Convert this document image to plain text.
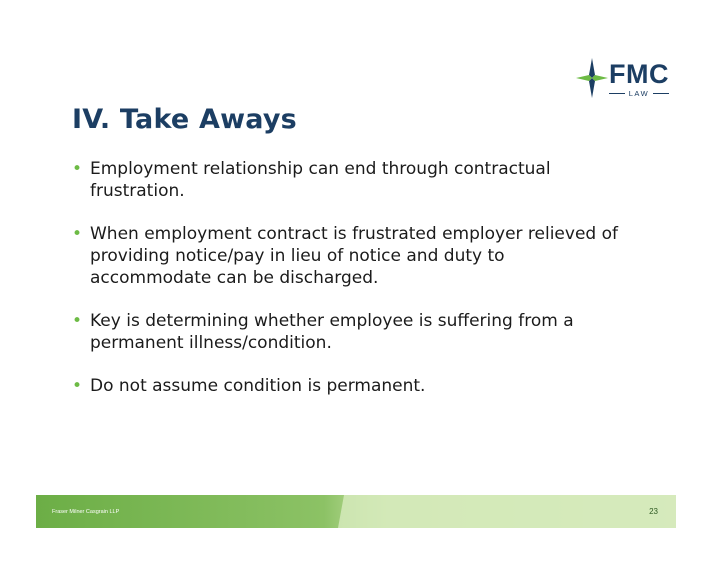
FMC
LAW
IV. Take Aways
• Employment relationship can end through contractual
frustration.
• When employment contract is frustrated employer relieved of
providing notice/pay in lieu of notice and duty to
accommodate can be discharged.
• Key is determining whether employee is suffering from a
permanent illness/condition.
• Do not assume condition is permanent.
Fraser Milner Casgrain LLP	23
